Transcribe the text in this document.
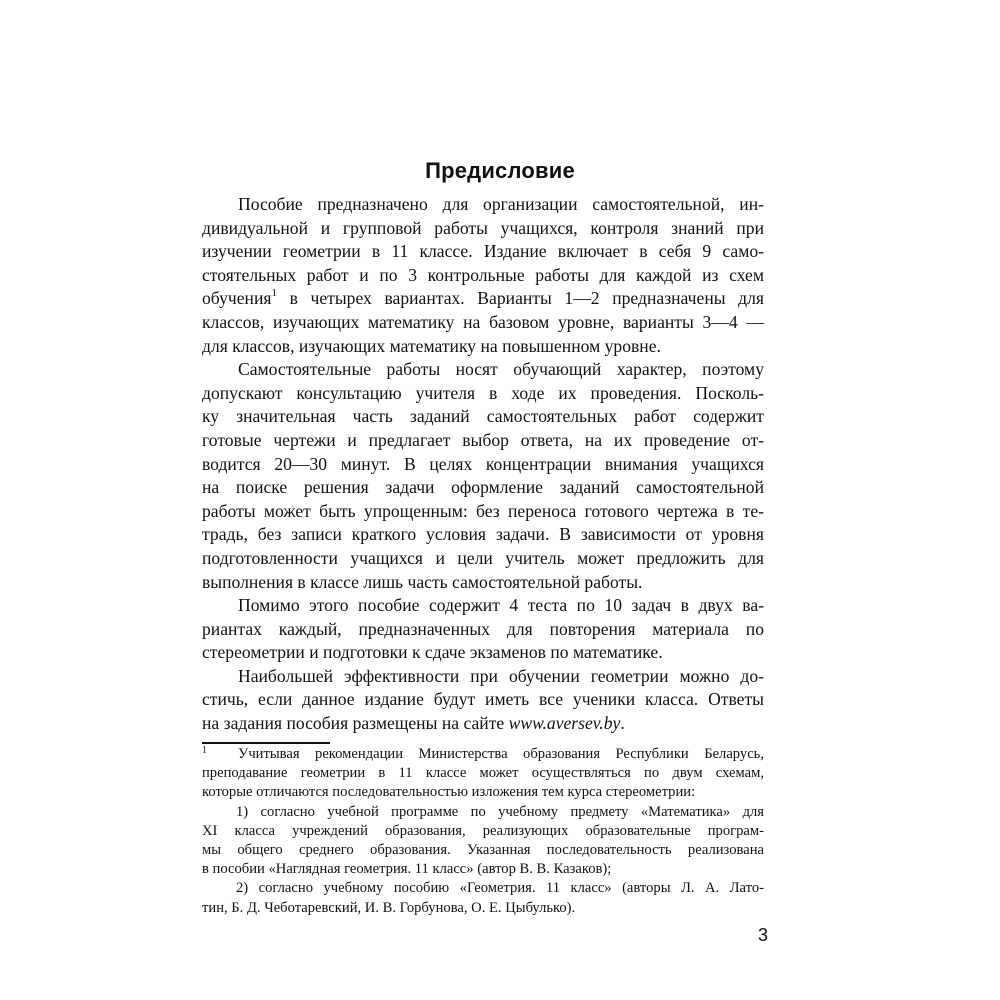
Предисловие
Пособие предназначено для организации самостоятельной, ин-
дивидуальной и групповой работы учащихся, контроля знаний при
изучении геометрии в 11 классе. Издание включает в себя 9 само-
стоятельных работ и по 3 контрольные работы для каждой из схем
обучения$^1$ в четырех вариантах. Варианты 1—2 предназначены для
классов, изучающих математику на базовом уровне, варианты 3—4 —
для классов, изучающих математику на повышенном уровне.
Самостоятельные работы носят обучающий характер, поэтому
допускают консультацию учителя в ходе их проведения. Посколь-
ку значительная часть заданий самостоятельных работ содержит
готовые чертежи и предлагает выбор ответа, на их проведение от-
водится 20—30 минут. В целях концентрации внимания учащихся
на поиске решения задачи оформление заданий самостоятельной
работы может быть упрощенным: без переноса готового чертежа в те-
традь, без записи краткого условия задачи. В зависимости от уровня
подготовленности учащихся и цели учитель может предложить для
выполнения в классе лишь часть самостоятельной работы.
Помимо этого пособие содержит 4 теста по 10 задач в двух ва-
риантах каждый, предназначенных для повторения материала по
стереометрии и подготовки к сдаче экзаменов по математике.
Наибольшей эффективности при обучении геометрии можно до-
стичь, если данное издание будут иметь все ученики класса. Ответы
на задания пособия размещены на сайте www.aversev.by.
1 Учитывая рекомендации Министерства образования Республики Беларусь,
преподавание геометрии в 11 классе может осуществляться по двум схемам,
которые отличаются последовательностью изложения тем курса стереометрии:
1) согласно учебной программе по учебному предмету «Математика» для
XI класса учреждений образования, реализующих образовательные програм-
мы общего среднего образования. Указанная последовательность реализована
в пособии «Наглядная геометрия. 11 класс» (автор В. В. Казаков);
2) согласно учебному пособию «Геометрия. 11 класс» (авторы Л. А. Лато-
тин, Б. Д. Чеботаревский, И. В. Горбунова, О. Е. Цыбулько).
3
